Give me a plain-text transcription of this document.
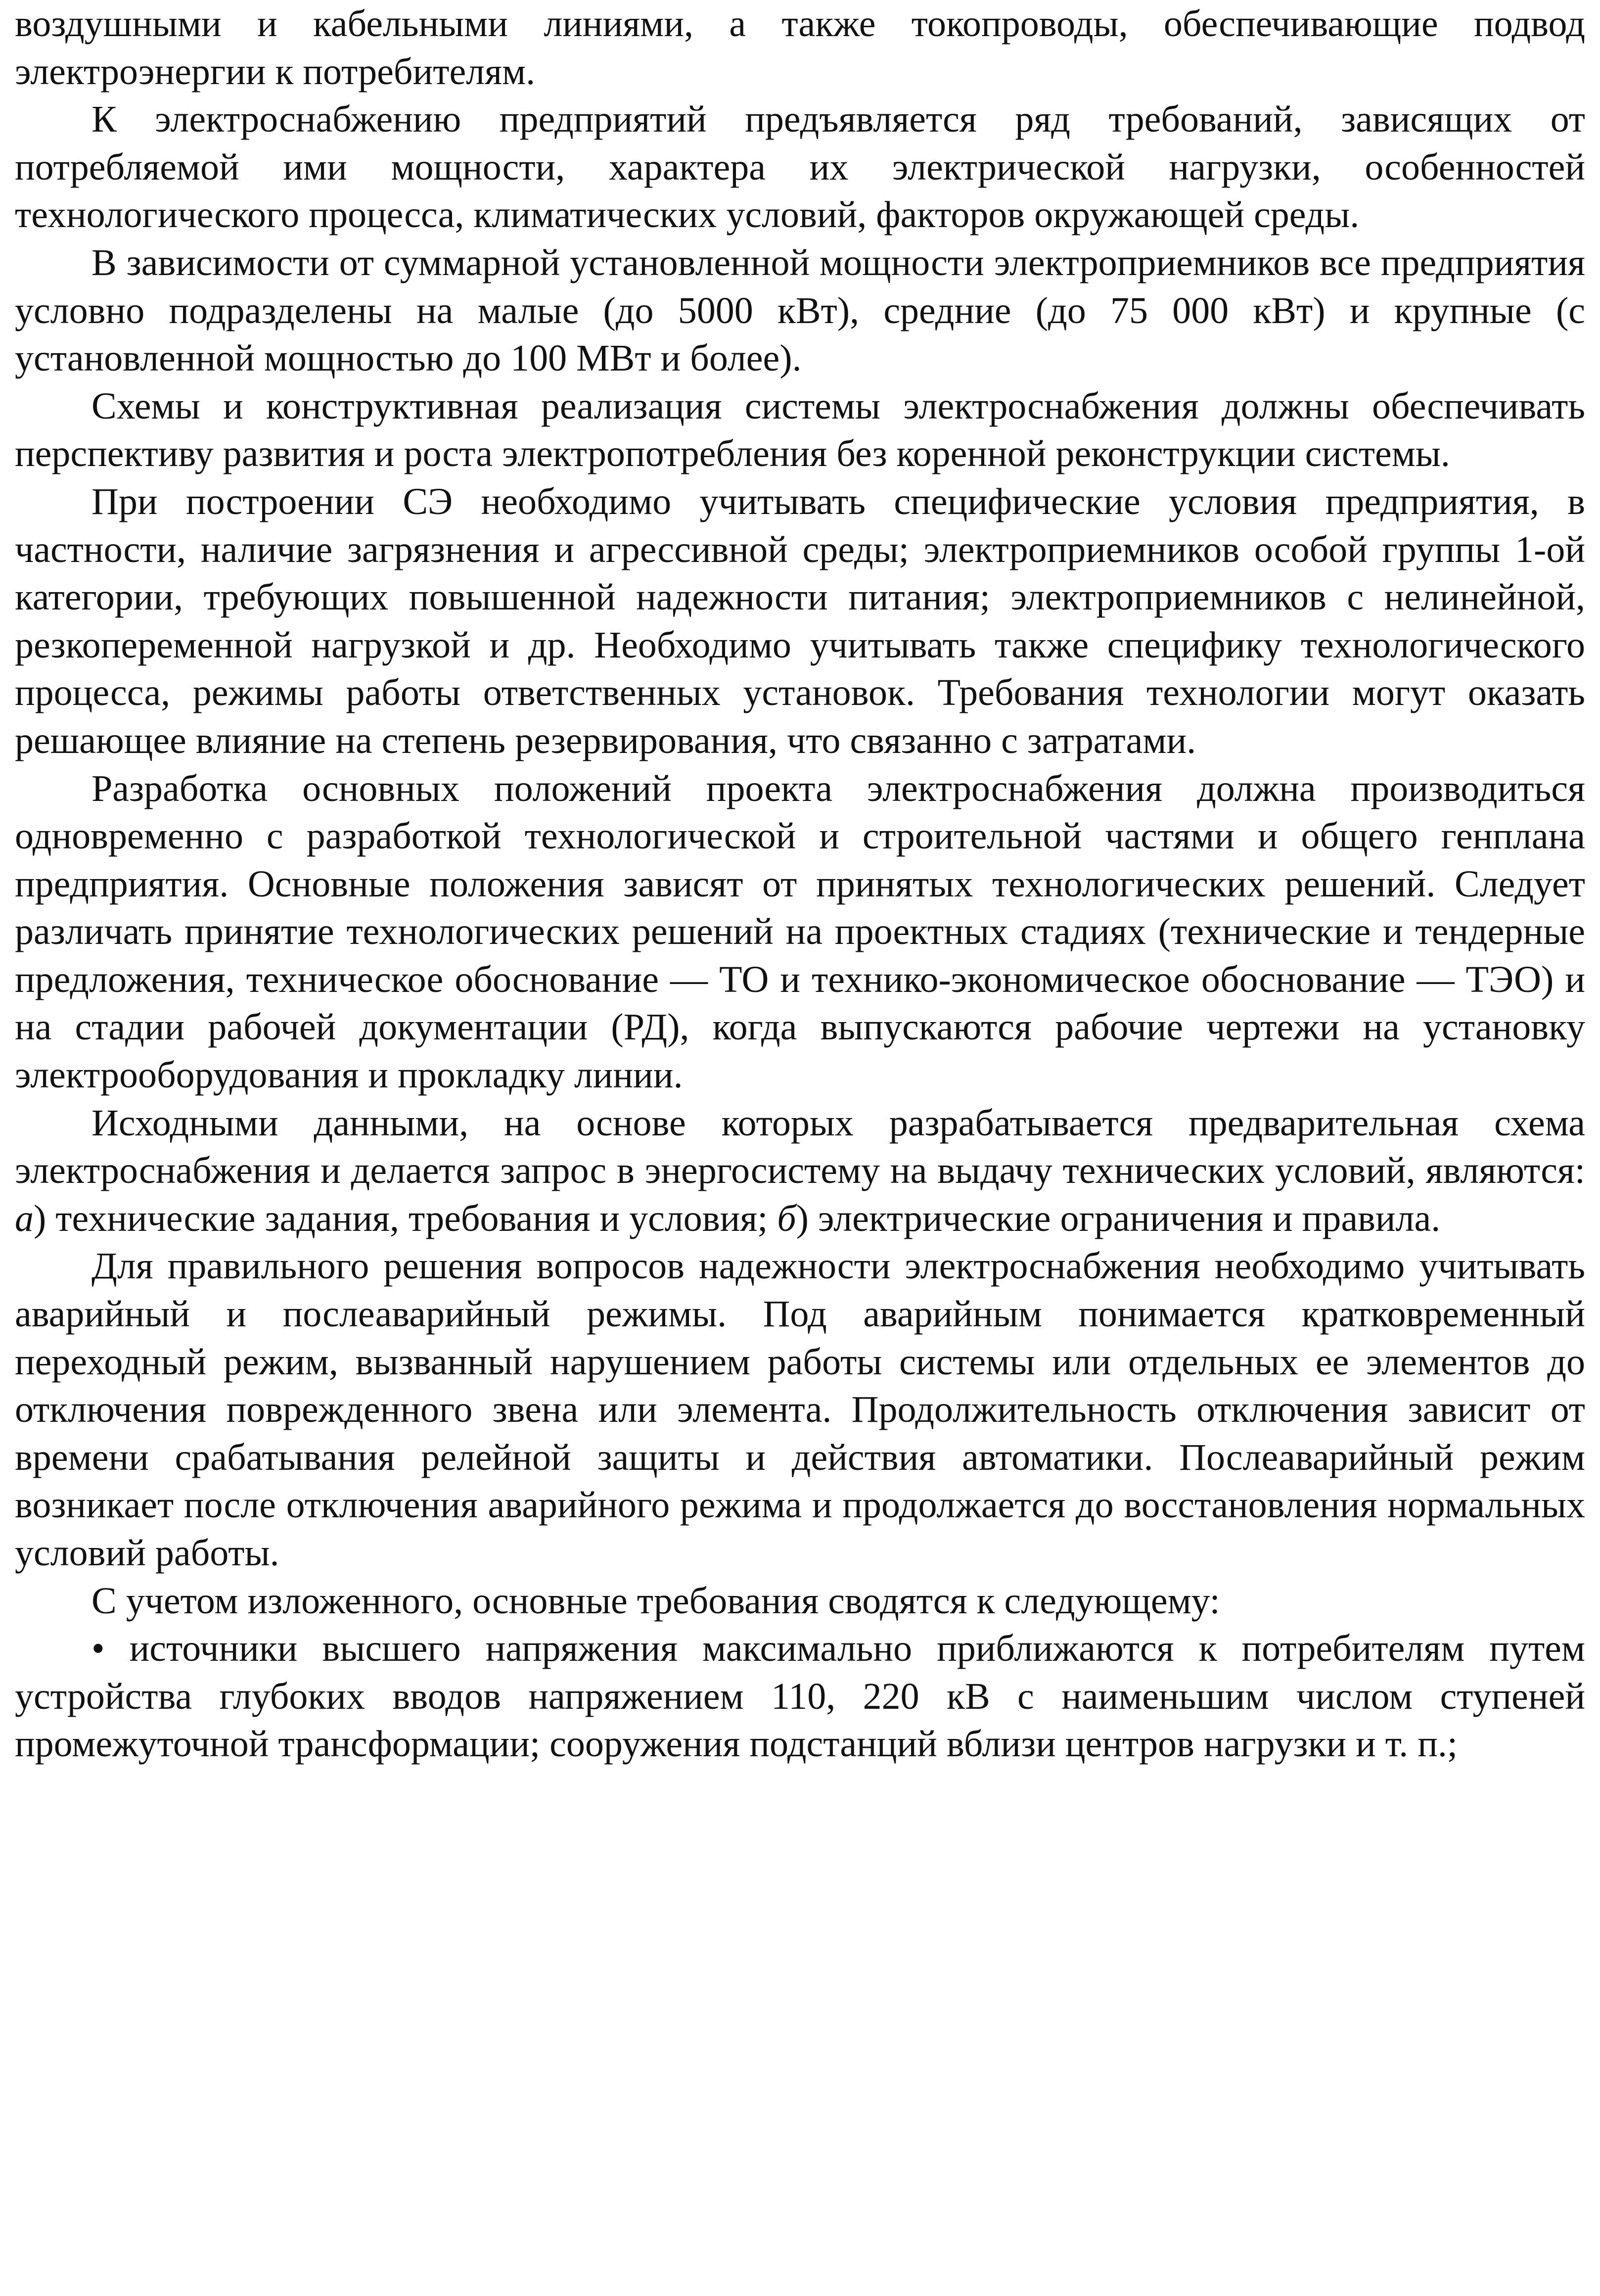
воздушными и кабельными линиями, а также токопроводы, обеспечивающие подвод электроэнергии к потребителям.

К электроснабжению предприятий предъявляется ряд требований, зависящих от потребляемой ими мощности, характера их электрической нагрузки, особенностей технологического процесса, климатических условий, факторов окружающей среды.

В зависимости от суммарной установленной мощности электроприемников все предприятия условно подразделены на малые (до 5000 кВт), средние (до 75 000 кВт) и крупные (с установленной мощностью до 100 МВт и более).

Схемы и конструктивная реализация системы электроснабжения должны обеспечивать перспективу развития и роста электропотребления без коренной реконструкции системы.

При построении СЭ необходимо учитывать специфические условия предприятия, в частности, наличие загрязнения и агрессивной среды; электроприемников особой группы 1-ой категории, требующих повышенной надежности питания; электроприемников с нелинейной, резкопеременной нагрузкой и др. Необходимо учитывать также специфику технологического процесса, режимы работы ответственных установок. Требования технологии могут оказать решающее влияние на степень резервирования, что связанно с затратами.

Разработка основных положений проекта электроснабжения должна производиться одновременно с разработкой технологической и строительной частями и общего генплана предприятия. Основные положения зависят от принятых технологических решений. Следует различать принятие технологических решений на проектных стадиях (технические и тендерные предложения, техническое обоснование — ТО и технико-экономическое обоснование — ТЭО) и на стадии рабочей документации (РД), когда выпускаются рабочие чертежи на установку электрооборудования и прокладку линии.

Исходными данными, на основе которых разрабатывается предварительная схема электроснабжения и делается запрос в энергосистему на выдачу технических условий, являются: а) технические задания, требования и условия; б) электрические ограничения и правила.

Для правильного решения вопросов надежности электроснабжения необходимо учитывать аварийный и послеаварийный режимы. Под аварийным понимается кратковременный переходный режим, вызванный нарушением работы системы или отдельных ее элементов до отключения поврежденного звена или элемента. Продолжительность отключения зависит от времени срабатывания релейной защиты и действия автоматики. Послеаварийный режим возникает после отключения аварийного режима и продолжается до восстановления нормальных условий работы.

С учетом изложенного, основные требования сводятся к следующему:

• источники высшего напряжения максимально приближаются к потребителям путем устройства глубоких вводов напряжением 110, 220 кВ с наименьшим числом ступеней промежуточной трансформации; сооружения подстанций вблизи центров нагрузки и т. п.;
